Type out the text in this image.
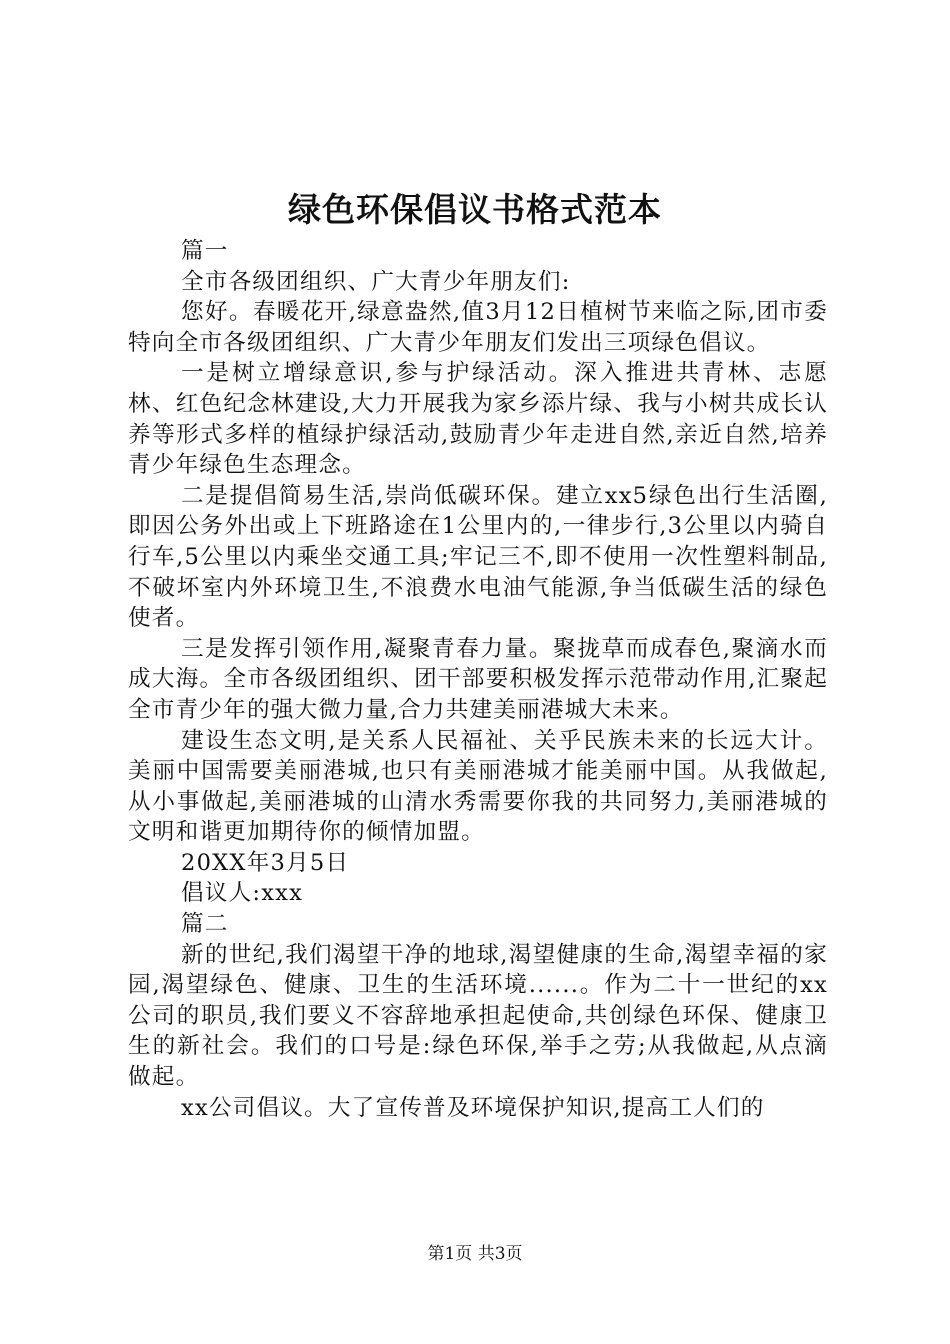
绿色环保倡议书格式范本

篇一

全市各级团组织、广大青少年朋友们:

您好。春暖花开,绿意盎然,值3月12日植树节来临之际,团市委特向全市各级团组织、广大青少年朋友们发出三项绿色倡议。

一是树立增绿意识,参与护绿活动。深入推进共青林、志愿林、红色纪念林建设,大力开展我为家乡添片绿、我与小树共成长认养等形式多样的植绿护绿活动,鼓励青少年走进自然,亲近自然,培养青少年绿色生态理念。

二是提倡简易生活,崇尚低碳环保。建立xx5绿色出行生活圈,即因公务外出或上下班路途在1公里内的,一律步行,3公里以内骑自行车,5公里以内乘坐交通工具;牢记三不,即不使用一次性塑料制品,不破坏室内外环境卫生,不浪费水电油气能源,争当低碳生活的绿色使者。

三是发挥引领作用,凝聚青春力量。聚拢草而成春色,聚滴水而成大海。全市各级团组织、团干部要积极发挥示范带动作用,汇聚起全市青少年的强大微力量,合力共建美丽港城大未来。

建设生态文明,是关系人民福祉、关乎民族未来的长远大计。美丽中国需要美丽港城,也只有美丽港城才能美丽中国。从我做起,从小事做起,美丽港城的山清水秀需要你我的共同努力,美丽港城的文明和谐更加期待你的倾情加盟。

20XX年3月5日

倡议人:xxx

篇二

新的世纪,我们渴望干净的地球,渴望健康的生命,渴望幸福的家园,渴望绿色、健康、卫生的生活环境......。作为二十一世纪的xx公司的职员,我们要义不容辞地承担起使命,共创绿色环保、健康卫生的新社会。我们的口号是:绿色环保,举手之劳;从我做起,从点滴做起。

xx公司倡议。大了宣传普及环境保护知识,提高工人们的

第1页 共3页
